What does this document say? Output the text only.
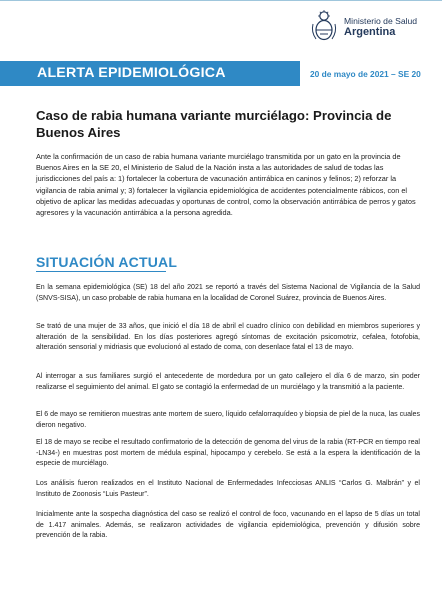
Ministerio de Salud
Argentina
ALERTA EPIDEMIOLÓGICA	20 de mayo de 2021 – SE 20
Caso de rabia humana variante murciélago: Provincia de Buenos Aires

Ante la confirmación de un caso de rabia humana variante murciélago transmitida por un gato en la provincia de Buenos Aires en la SE 20, el Ministerio de Salud de la Nación insta a las autoridades de salud de todas las jurisdicciones del país a: 1) fortalecer la cobertura de vacunación antirrábica en caninos y felinos; 2) reforzar la vigilancia de rabia animal y; 3) fortalecer la vigilancia epidemiológica de accidentes potencialmente rábicos, con el objetivo de aplicar las medidas adecuadas y oportunas de control, como la observación antirrábica de perros y gatos agresores y la vacunación antirrábica a la persona agredida.

SITUACIÓN ACTUAL

En la semana epidemiológica (SE) 18 del año 2021 se reportó a través del Sistema Nacional de Vigilancia de la Salud (SNVS-SISA), un caso probable de rabia humana en la localidad de Coronel Suárez, provincia de Buenos Aires.

Se trató de una mujer de 33 años, que inició el día 18 de abril el cuadro clínico con debilidad en miembros superiores y alteración de la sensibilidad. En los días posteriores agregó síntomas de excitación psicomotriz, cefalea, fotofobia, alteración sensorial y midriasis que evolucionó al estado de coma, con desenlace fatal el 13 de mayo.

Al interrogar a sus familiares surgió el antecedente de mordedura por un gato callejero el día 6 de marzo, sin poder realizarse el seguimiento del animal. El gato se contagió la enfermedad de un murciélago y la transmitió a la paciente.

El 6 de mayo se remitieron muestras ante mortem de suero, líquido cefalorraquídeo y biopsia de piel de la nuca, las cuales dieron negativo.

El 18 de mayo se recibe el resultado confirmatorio de la detección de genoma del virus de la rabia (RT-PCR en tiempo real -LN34-) en muestras post mortem de médula espinal, hipocampo y cerebelo. Se está a la espera la identificación de la especie de murciélago.

Los análisis fueron realizados en el Instituto Nacional de Enfermedades Infecciosas ANLIS “Carlos G. Malbrán” y el Instituto de Zoonosis “Luis Pasteur”.

Inicialmente ante la sospecha diagnóstica del caso se realizó el control de foco, vacunando en el lapso de 5 días un total de 1.417 animales. Además, se realizaron actividades de vigilancia epidemiológica, prevención y difusión sobre prevención de la rabia.
